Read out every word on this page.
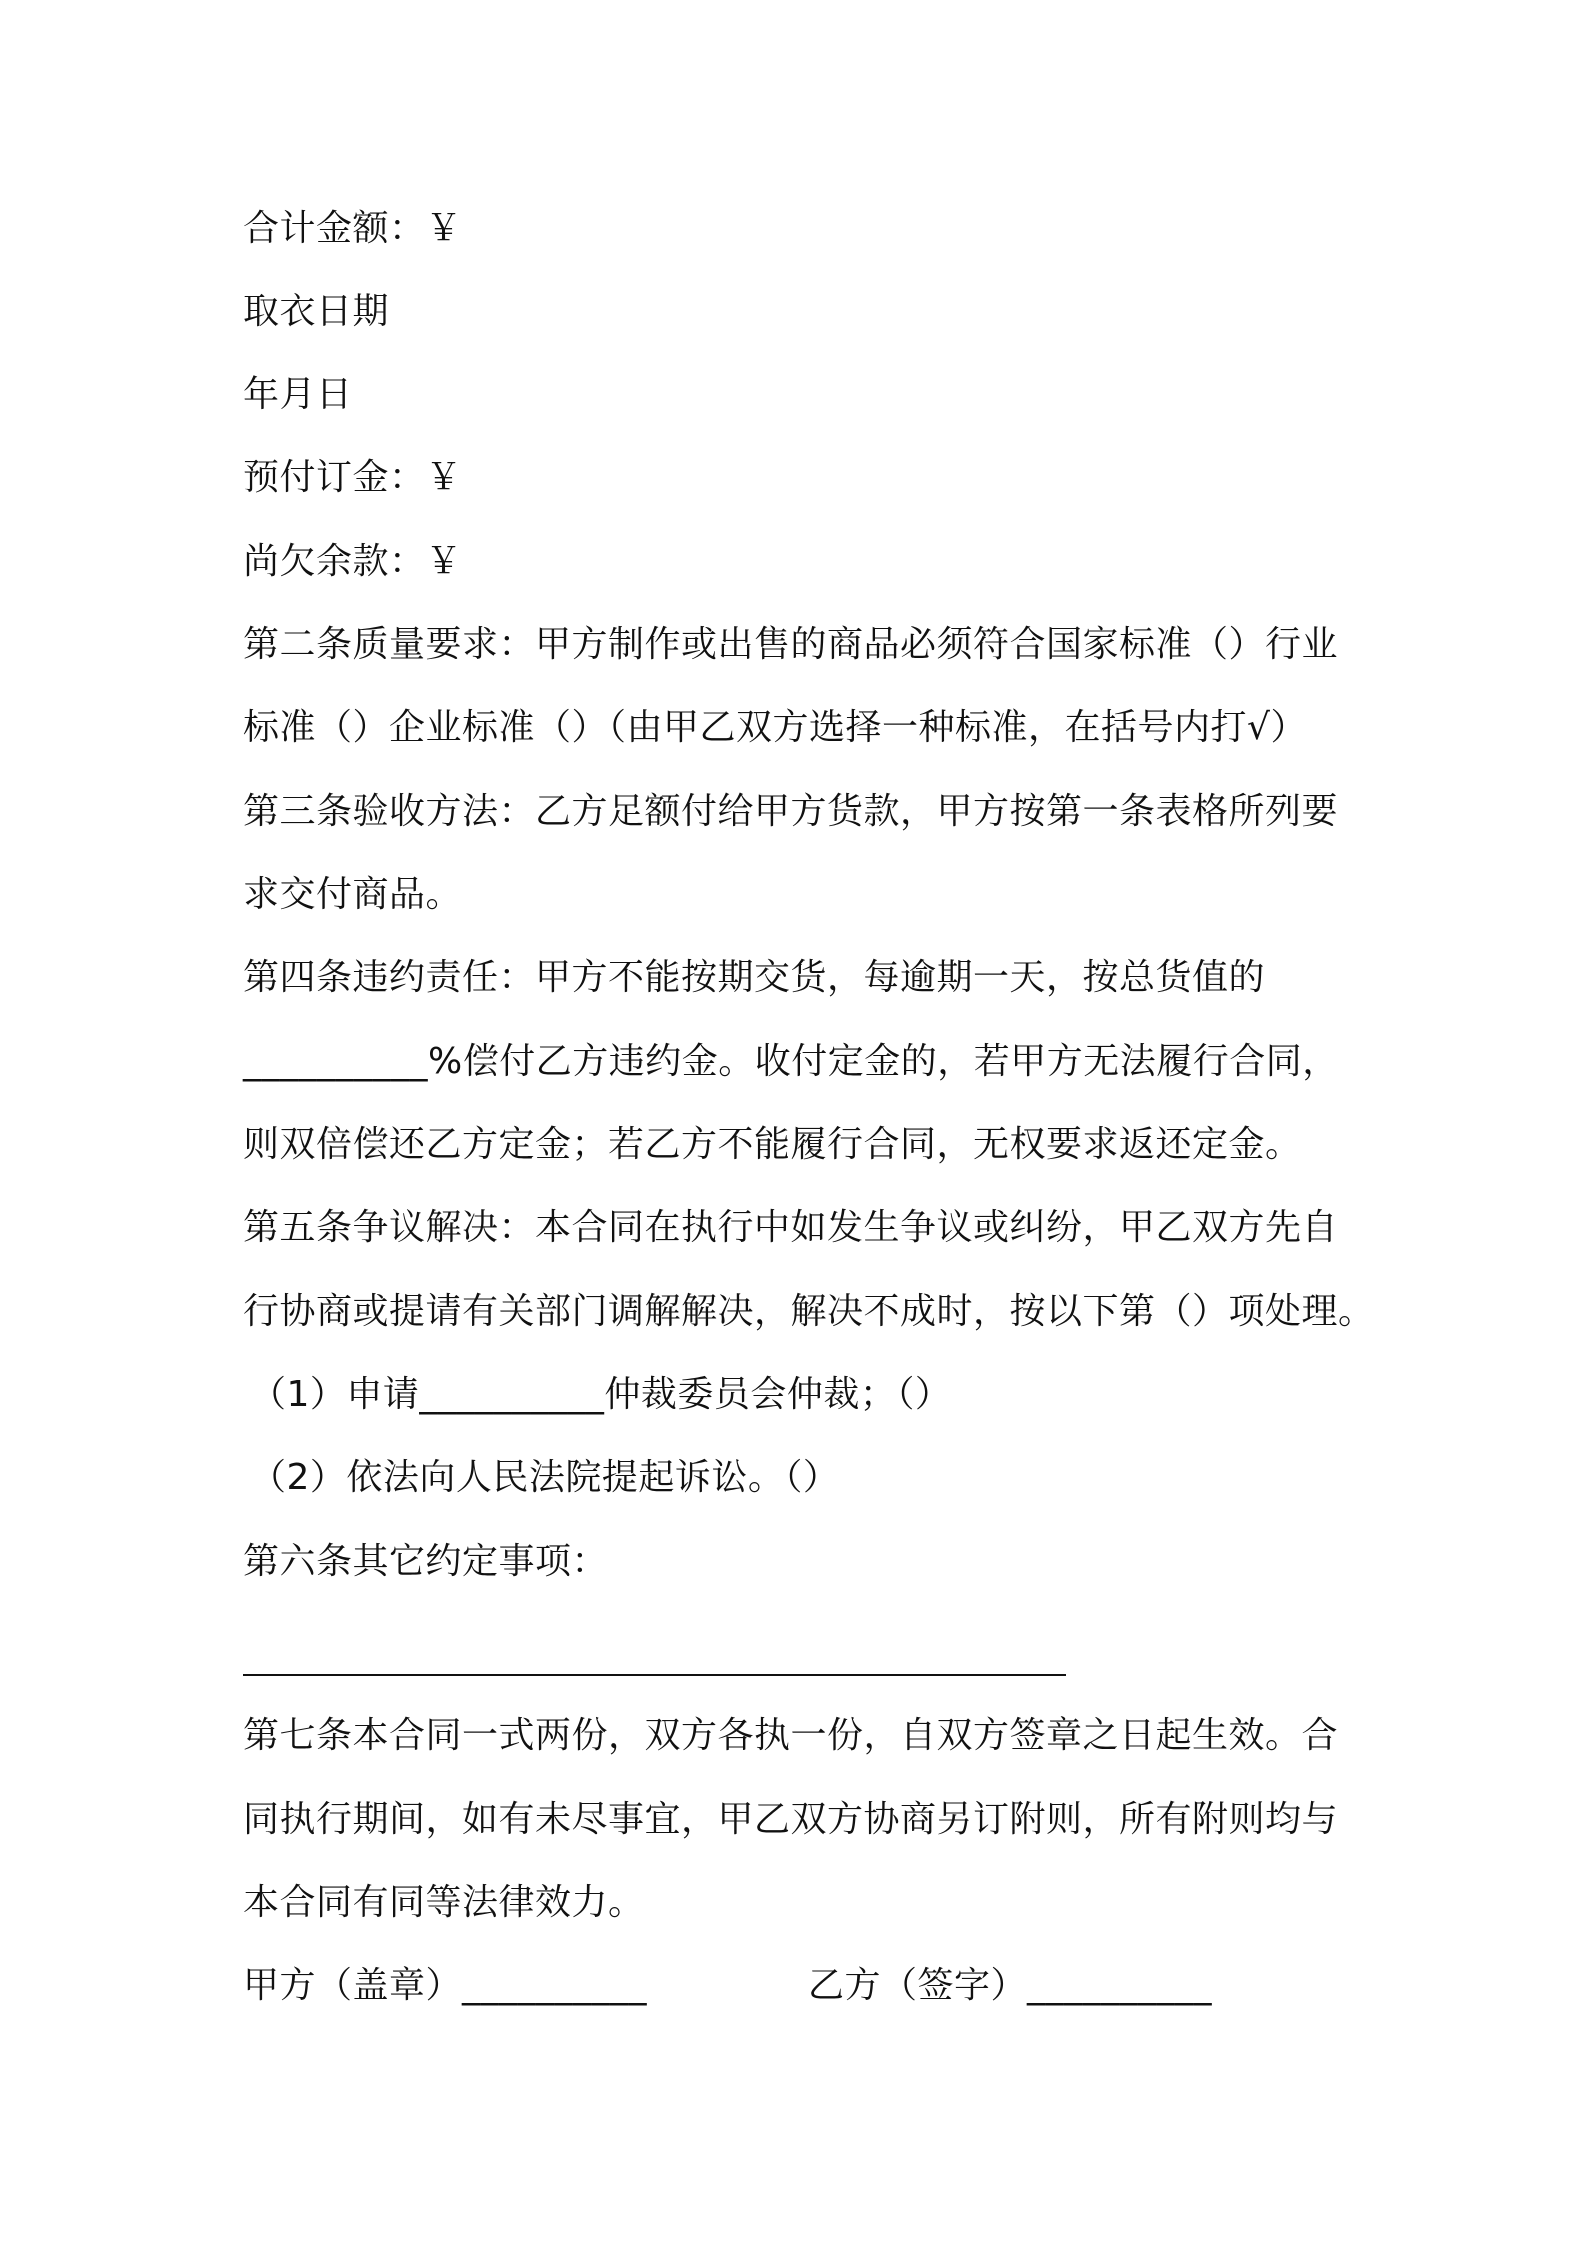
合计金额：￥
取衣日期
年月日
预付订金：￥
尚欠余款：￥
第二条质量要求：甲方制作或出售的商品必须符合国家标准（）行业
标准（）企业标准（）（由甲乙双方选择一种标准，在括号内打√）
第三条验收方法：乙方足额付给甲方货款，甲方按第一条表格所列要
求交付商品。
第四条违约责任：甲方不能按期交货，每逾期一天，按总货值的
__________%偿付乙方违约金。收付定金的，若甲方无法履行合同，
则双倍偿还乙方定金；若乙方不能履行合同，无权要求返还定金。
第五条争议解决：本合同在执行中如发生争议或纠纷，甲乙双方先自
行协商或提请有关部门调解解决，解决不成时，按以下第（）项处理。
（1）申请__________仲裁委员会仲裁；（）
（2）依法向人民法院提起诉讼。（）
第六条其它约定事项：
第七条本合同一式两份，双方各执一份，自双方签章之日起生效。合
同执行期间，如有未尽事宜，甲乙双方协商另订附则，所有附则均与
本合同有同等法律效力。
甲方（盖章）__________	乙方（签字）__________
